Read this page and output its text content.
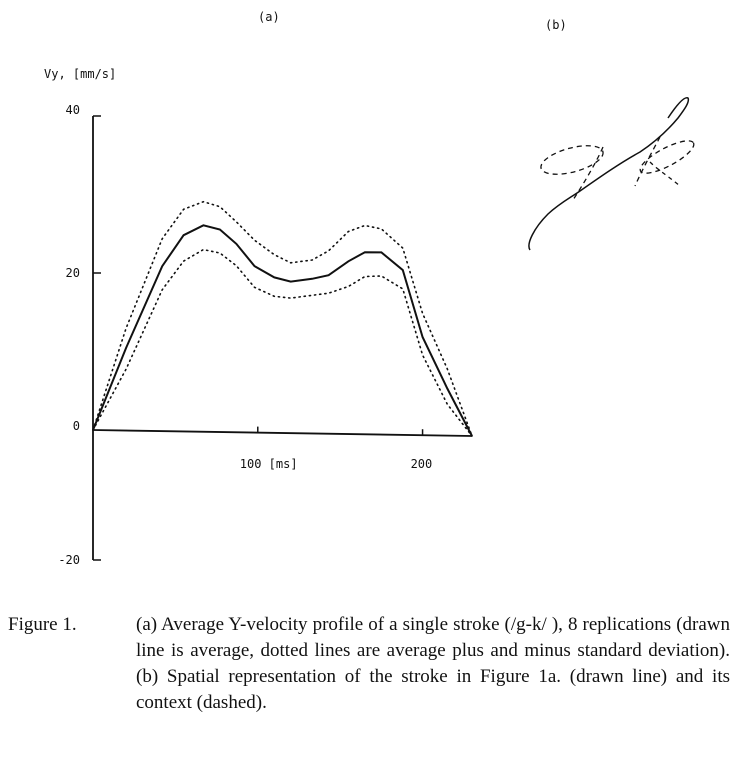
(a)
(b)
Vy, [mm/s]
40
20
0
-20
100 [ms]	200
Figure 1.	(a) Average Y-velocity profile of a single stroke (/g-k/ ), 8 replications (drawn line is average, dotted lines are average plus and minus standard deviation). (b) Spatial representation of the stroke in Figure 1a. (drawn line) and its context (dashed).
